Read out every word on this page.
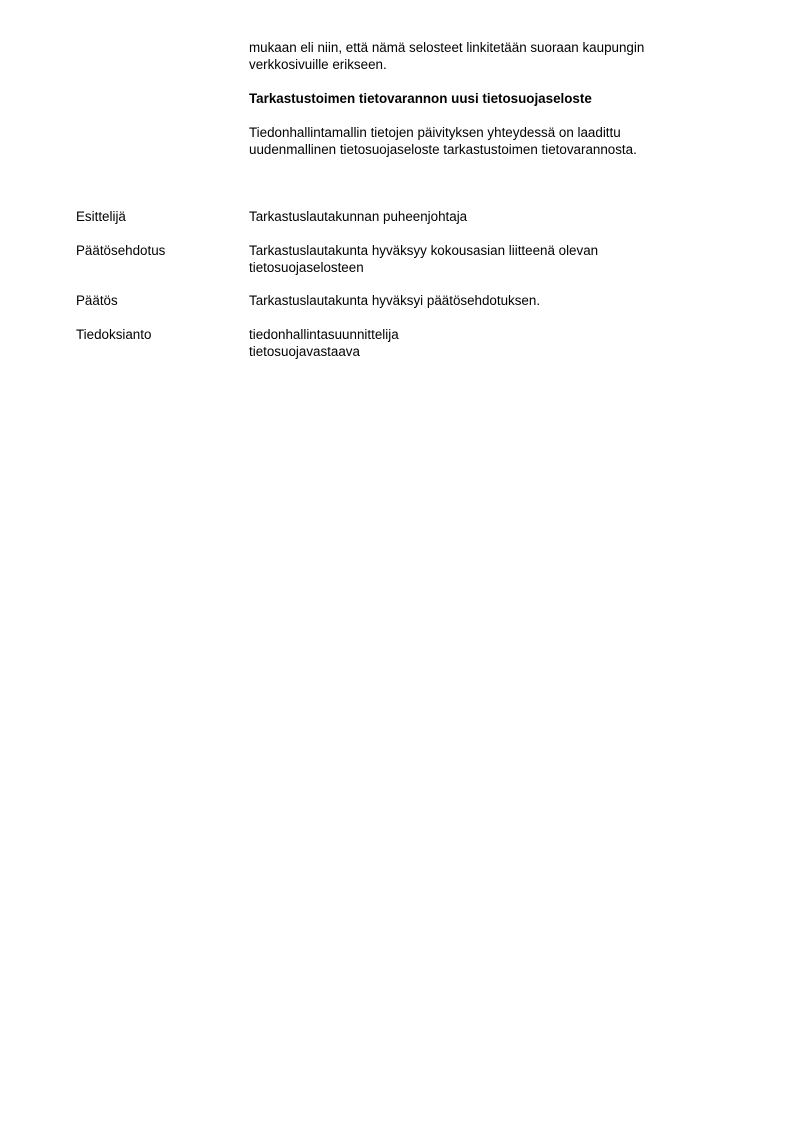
mukaan eli niin, että nämä selosteet linkitetään suoraan kaupungin
verkkosivuille erikseen.

Tarkastustoimen tietovarannon uusi tietosuojaseloste

Tiedonhallintamallin tietojen päivityksen yhteydessä on laadittu
uudenmallinen tietosuojaseloste tarkastustoimen tietovarannosta.

Esittelijä	Tarkastuslautakunnan puheenjohtaja
Päätösehdotus	Tarkastuslautakunta hyväksyy kokousasian liitteenä olevan
tietosuojaselosteen
Päätös	Tarkastuslautakunta hyväksyi päätösehdotuksen.
Tiedoksianto	tiedonhallintasuunnittelija
tietosuojavastaava
